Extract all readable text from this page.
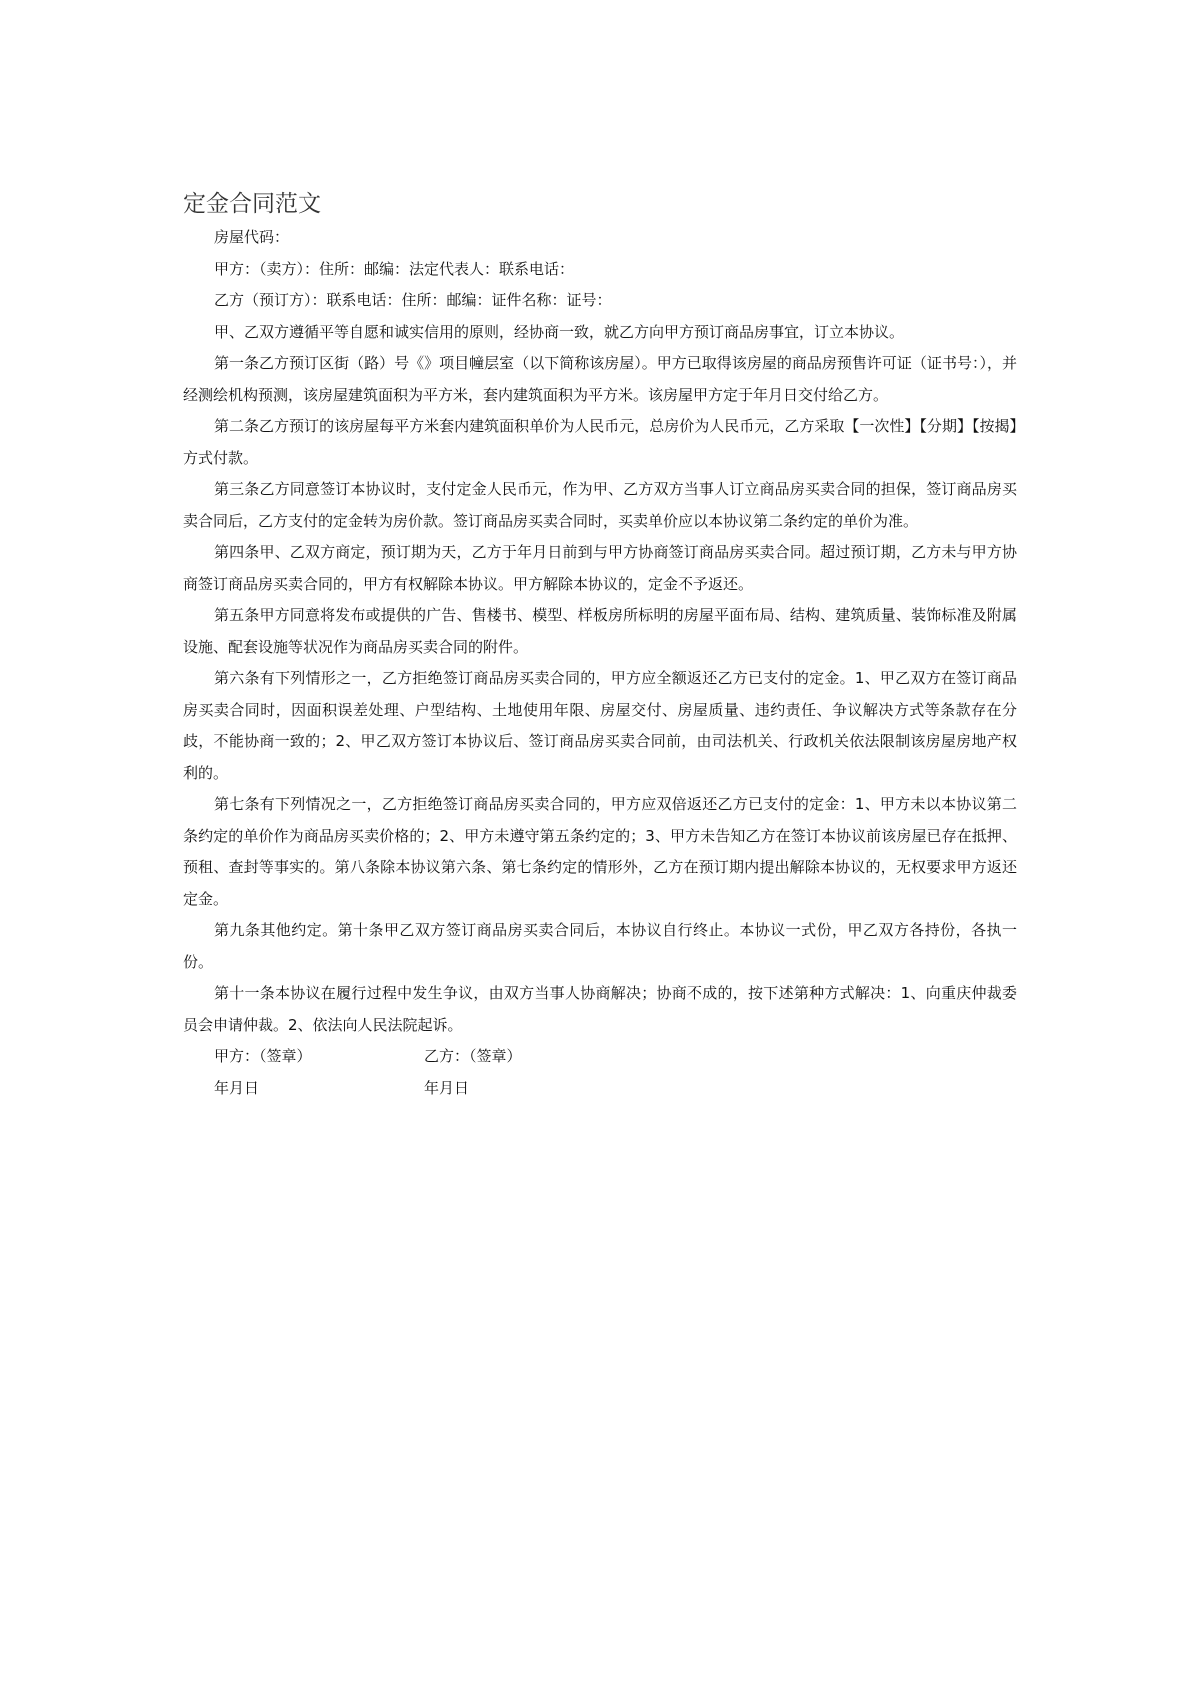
定金合同范文

房屋代码：

甲方：（卖方）：住所：邮编：法定代表人：联系电话：

乙方（预订方）：联系电话：住所：邮编：证件名称：证号：

甲、乙双方遵循平等自愿和诚实信用的原则，经协商一致，就乙方向甲方预订商品房事宜，订立本协议。

第一条乙方预订区街（路）号《》项目幢层室（以下简称该房屋）。甲方已取得该房屋的商品房预售许可证（证书号：），并经测绘机构预测，该房屋建筑面积为平方米，套内建筑面积为平方米。该房屋甲方定于年月日交付给乙方。

第二条乙方预订的该房屋每平方米套内建筑面积单价为人民币元，总房价为人民币元，乙方采取【一次性】【分期】【按揭】方式付款。

第三条乙方同意签订本协议时，支付定金人民币元，作为甲、乙方双方当事人订立商品房买卖合同的担保，签订商品房买卖合同后，乙方支付的定金转为房价款。签订商品房买卖合同时，买卖单价应以本协议第二条约定的单价为准。

第四条甲、乙双方商定，预订期为天，乙方于年月日前到与甲方协商签订商品房买卖合同。超过预订期，乙方未与甲方协商签订商品房买卖合同的，甲方有权解除本协议。甲方解除本协议的，定金不予返还。

第五条甲方同意将发布或提供的广告、售楼书、模型、样板房所标明的房屋平面布局、结构、建筑质量、装饰标准及附属设施、配套设施等状况作为商品房买卖合同的附件。

第六条有下列情形之一，乙方拒绝签订商品房买卖合同的，甲方应全额返还乙方已支付的定金。1、甲乙双方在签订商品房买卖合同时，因面积误差处理、户型结构、土地使用年限、房屋交付、房屋质量、违约责任、争议解决方式等条款存在分歧，不能协商一致的；2、甲乙双方签订本协议后、签订商品房买卖合同前，由司法机关、行政机关依法限制该房屋房地产权利的。

第七条有下列情况之一，乙方拒绝签订商品房买卖合同的，甲方应双倍返还乙方已支付的定金：1、甲方未以本协议第二条约定的单价作为商品房买卖价格的；2、甲方未遵守第五条约定的；3、甲方未告知乙方在签订本协议前该房屋已存在抵押、预租、查封等事实的。第八条除本协议第六条、第七条约定的情形外，乙方在预订期内提出解除本协议的，无权要求甲方返还定金。

第九条其他约定。第十条甲乙双方签订商品房买卖合同后，本协议自行终止。本协议一式份，甲乙双方各持份，各执一份。

第十一条本协议在履行过程中发生争议，由双方当事人协商解决；协商不成的，按下述第种方式解决：1、向重庆仲裁委员会申请仲裁。2、依法向人民法院起诉。

甲方：（签章）	乙方：（签章）
年月日	年月日
